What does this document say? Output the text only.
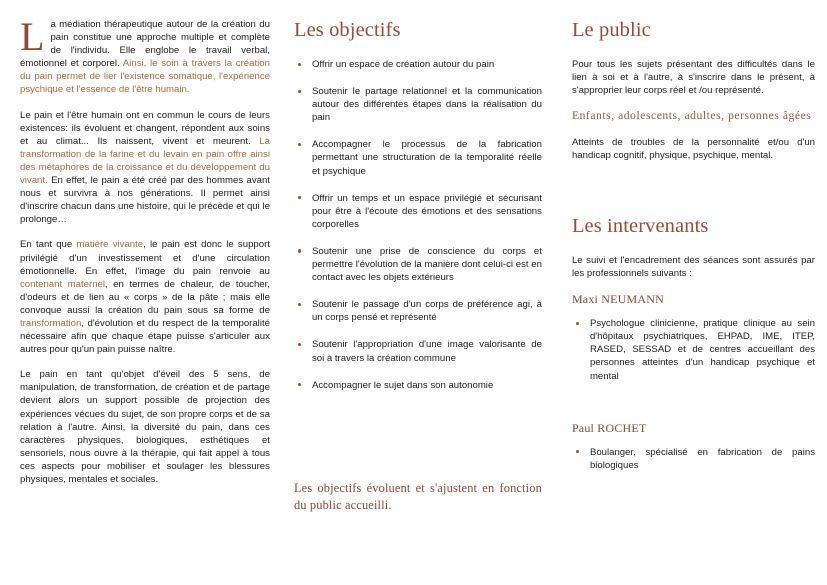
La médiation thérapeutique autour de la création du pain constitue une approche multiple et complète de l'individu. Elle englobe le travail verbal, émotionnel et corporel. Ainsi, le soin à travers la création du pain permet de lier l'existence somatique, l'expérience psychique et l'essence de l'être humain.

Le pain et l'être humain ont en commun le cours de leurs existences: ils évoluent et changent, répondent aux soins et au climat... Ils naissent, vivent et meurent. La transformation de la farine et du levain en pain offre ainsi des métaphores de la croissance et du développement du vivant. En effet, le pain a été créé par des hommes avant nous et survivra à nos générations. Il permet ainsi d'inscrire chacun dans une histoire, qui le précède et qui le prolonge…

En tant que matière vivante, le pain est donc le support privilégié d'un investissement et d'une circulation émotionnelle. En effet, l'image du pain renvoie au contenant maternel, en termes de chaleur, de toucher, d'odeurs et de lien au « corps » de la pâte ; mais elle convoque aussi la création du pain sous sa forme de transformation, d'évolution et du respect de la temporalité nécessaire afin que chaque étape puisse s'articuler aux autres pour qu'un pain puisse naître.

Le pain en tant qu'objet d'éveil des 5 sens, de manipulation, de transformation, de création et de partage devient alors un support possible de projection des expériences vécues du sujet, de son propre corps et de sa relation à l'autre. Ainsi, la diversité du pain, dans ces caractères physiques, biologiques, esthétiques et sensoriels, nous ouvre à la thérapie, qui fait appel à tous ces aspects pour mobiliser et soulager les blessures physiques, mentales et sociales.

Les objectifs
Offrir un espace de création autour du pain
Soutenir le partage relationnel et la communication autour des différentes étapes dans la réalisation du pain
Accompagner le processus de la fabrication permettant une structuration de la temporalité réelle et psychique
Offrir un temps et un espace privilégié et sécurisant pour être à l'écoute des émotions et des sensations corporelles
Soutenir une prise de conscience du corps et permettre l'évolution de la manière dont celui-ci est en contact avec les objets extérieurs
Soutenir le passage d'un corps de préférence agi, à un corps pensé et représenté
Soutenir l'appropriation d'une image valorisante de soi à travers la création commune
Accompagner le sujet dans son autonomie
Les objectifs évoluent et s'ajustent en fonction du public accueilli.
Le public

Pour tous les sujets présentant des difficultés dans le lien à soi et à l'autre, à s'inscrire dans le présent, à s'approprier leur corps réel et /ou représenté.

Enfants, adolescents, adultes, personnes âgées

Atteints de troubles de la personnalité et/ou d'un handicap cognitif, physique, psychique, mental.

Les intervenants

Le suivi et l'encadrement des séances sont assurés par les professionnels suivants :

Maxi NEUMANN
Psychologue clinicienne, pratique clinique au sein d'hôpitaux psychiatriques, EHPAD, IME, ITEP, RASED, SESSAD et de centres accueillant des personnes atteintes d'un handicap psychique et mental
Paul ROCHET
Boulanger, spécialisé en fabrication de pains biologiques
